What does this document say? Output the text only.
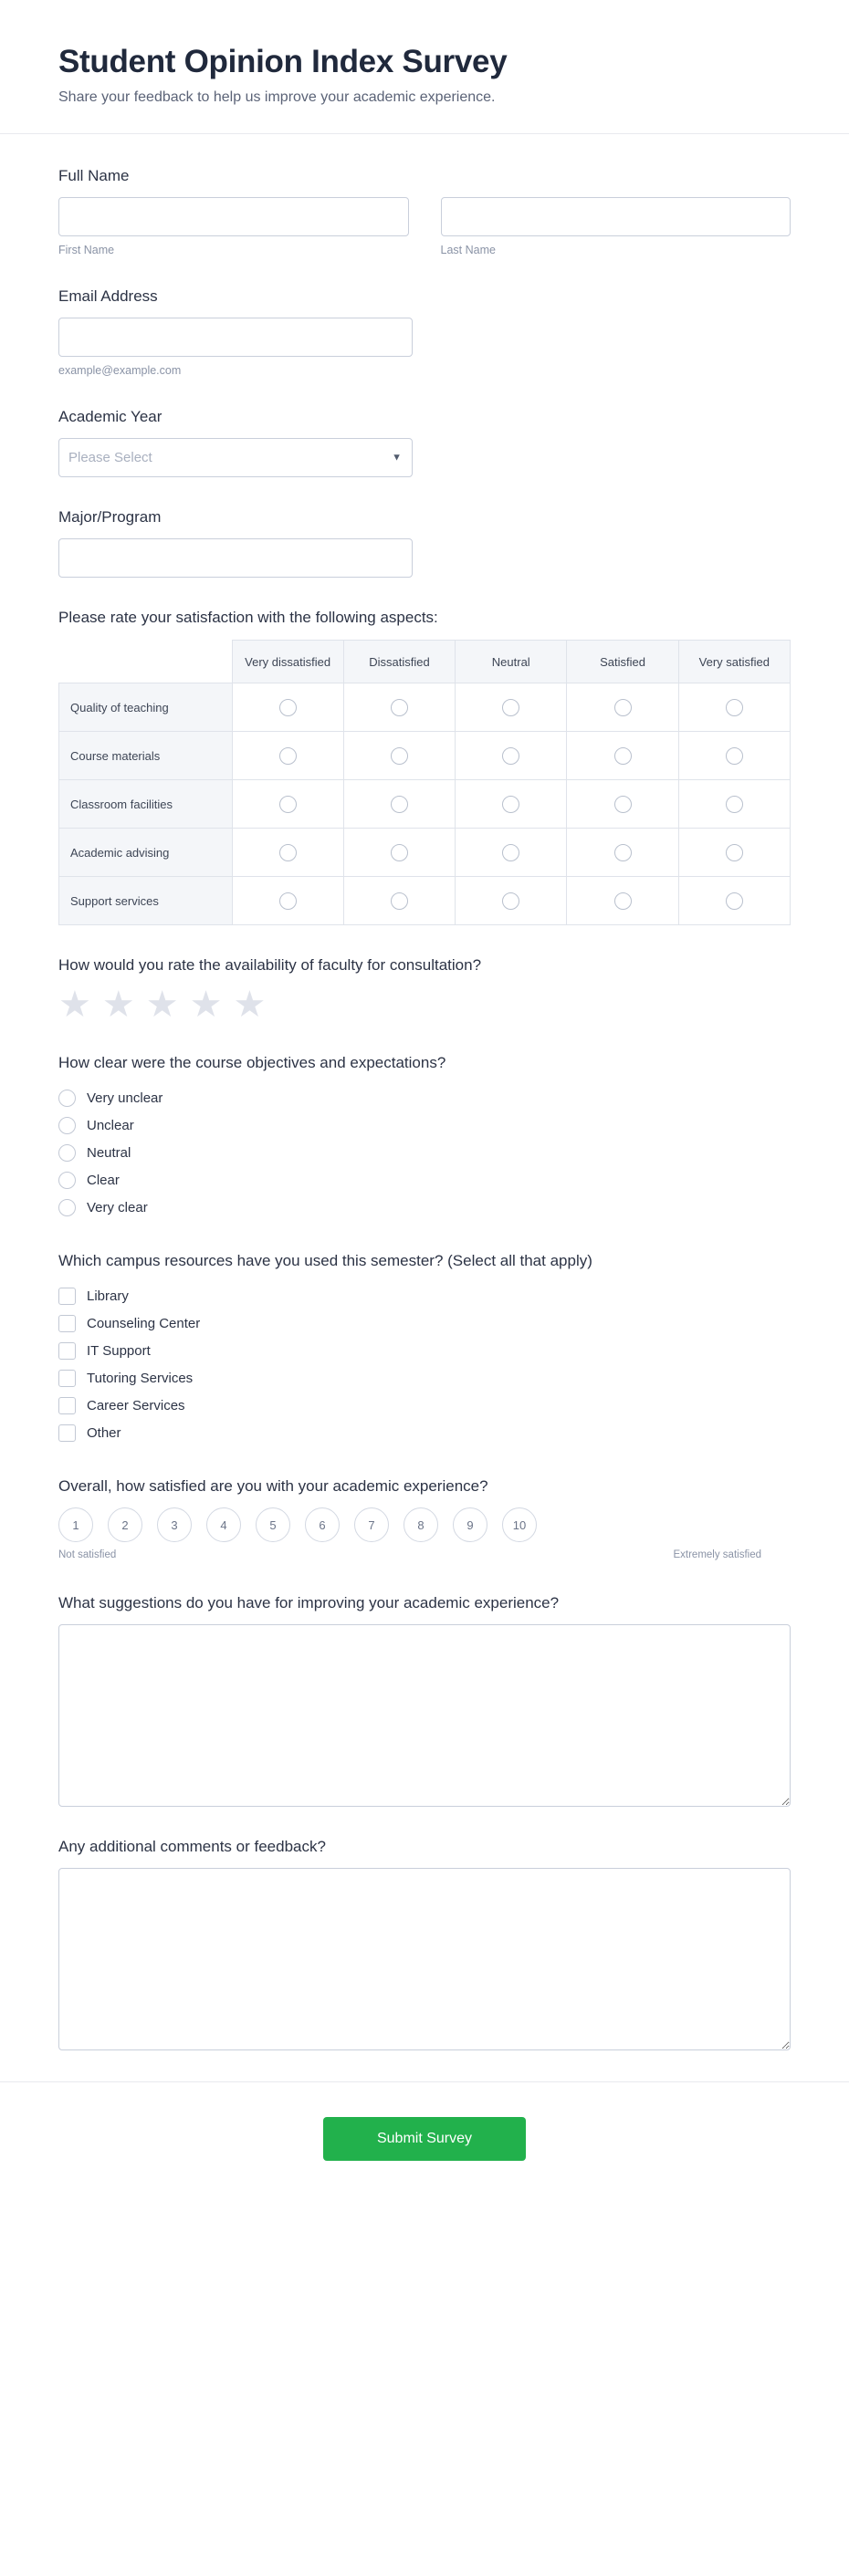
Student Opinion Index Survey

Share your feedback to help us improve your academic experience.

Full Name
First Name	Last Name
Email Address
example@example.com
Academic Year
Please Select
▼
Major/Program
Please rate your satisfaction with the following aspects:
	Very dissatisfied	Dissatisfied	Neutral	Satisfied	Very satisfied
Quality of teaching					
Course materials					
Classroom facilities					
Academic advising					
Support services					
How would you rate the availability of faculty for consultation?
★ ★ ★ ★ ★
How clear were the course objectives and expectations?
Very unclear
Unclear
Neutral
Clear
Very clear
Which campus resources have you used this semester? (Select all that apply)
Library
Counseling Center
IT Support
Tutoring Services
Career Services
Other
Overall, how satisfied are you with your academic experience?
1	2	3	4	5	6	7	8	9	10
Not satisfied	Extremely satisfied
What suggestions do you have for improving your academic experience?
Any additional comments or feedback?
Submit Survey
